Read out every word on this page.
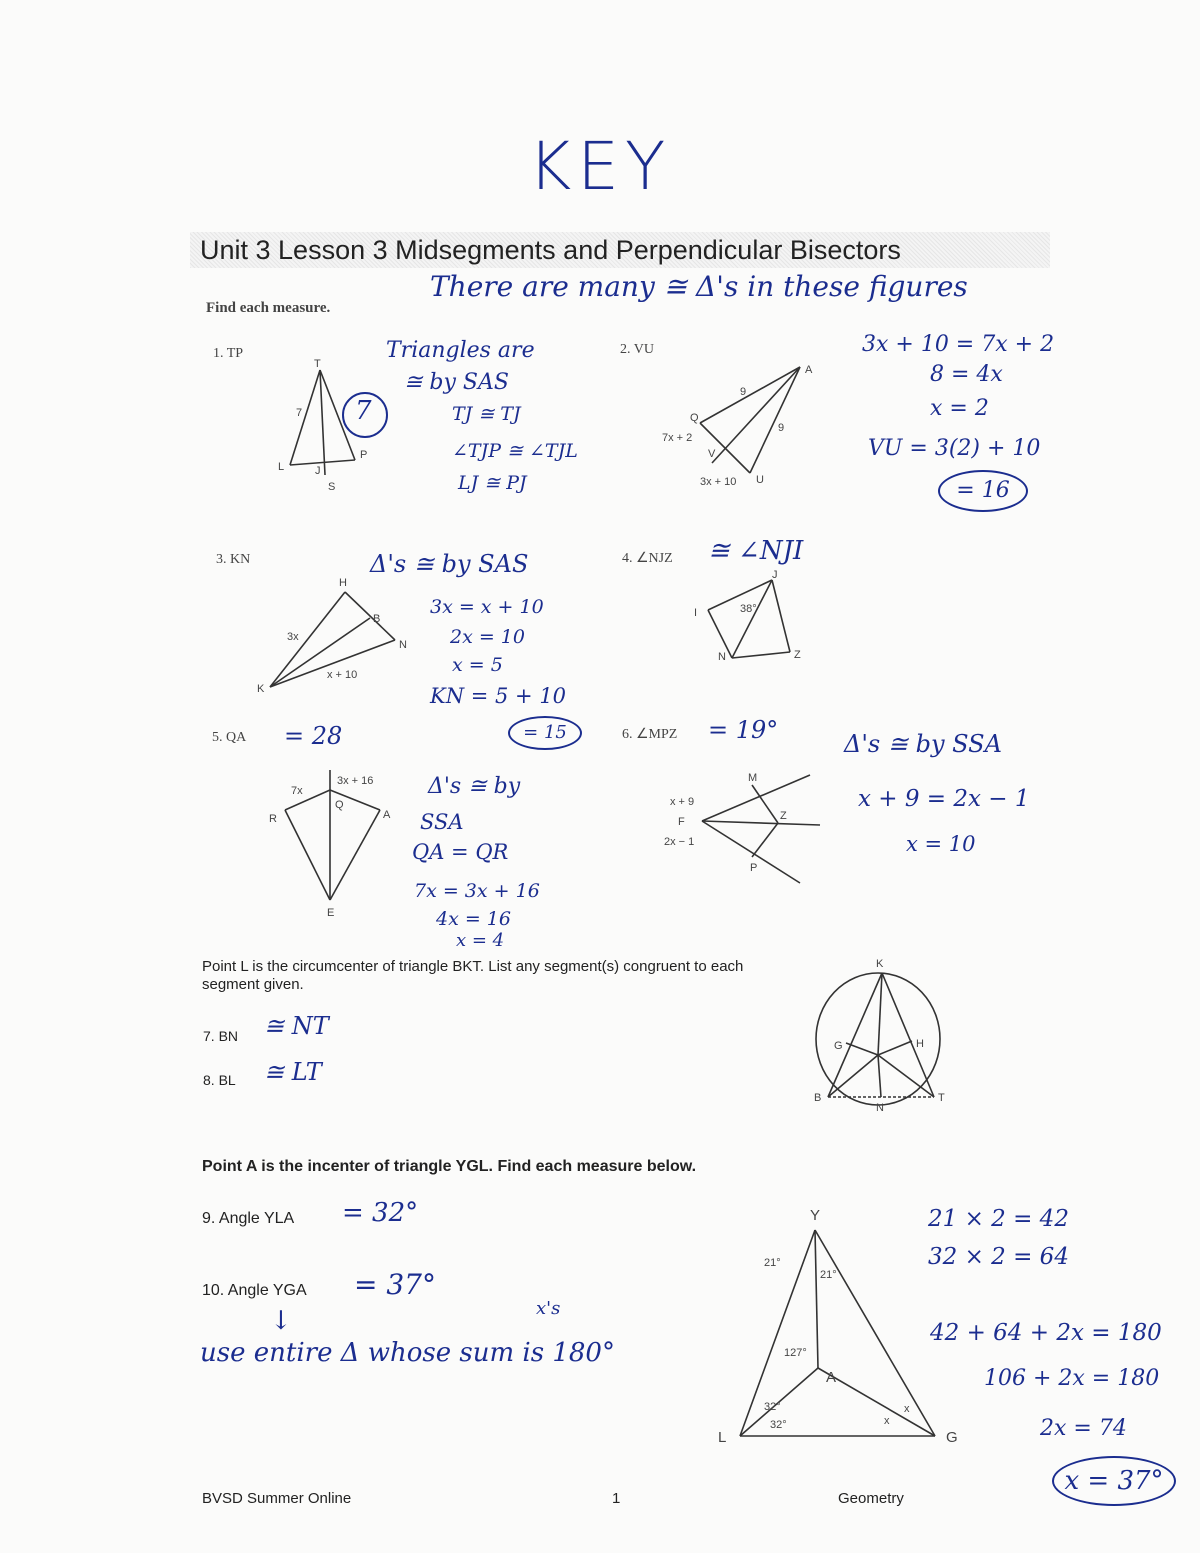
KEY
Unit 3 Lesson 3 Midsegments and Perpendicular Bisectors
Find each measure.
There are many ≅ Δ's in these figures
1. TP
T
L	J
P
S
7 7
Triangles are
≅ by SAS
TJ ≅ TJ
∠TJP ≅ ∠TJL
LJ ≅ PJ
2. VU
A
Q
U
V
9
9
7x + 2
3x + 10
3x + 10 = 7x + 2
8 = 4x
x = 2
VU = 3(2) + 10
= 16
3. KN
H
B
N
K
3x
x + 10
Δ's ≅ by SAS
3x = x + 10
2x = 10
x = 5
KN = 5 + 10
= 15
4. ∠NJZ ≅ ∠NJI
J
I
N	Z
38°
5. QA = 28
Q
R	A
E
7x
3x + 16 Δ's ≅ by
SSA
QA = QR
7x = 3x + 16
4x = 16
x = 4
6. ∠MPZ = 19°
M
F	Z
P
x + 9
2x − 1
Δ's ≅ by SSA
x + 9 = 2x − 1
x = 10
Point L is the circumcenter of triangle BKT. List any segment(s) congruent to each segment given.
7. BN ≅ NT
8. BL ≅ LT
K
G	H
B
N
T
Point A is the incenter of triangle YGL. Find each measure below.
9. Angle YLA = 32°
10. Angle YGA = 37°
↓	x's
use entire Δ whose sum is 180°
Y
A
L	G
21°
21°
127°
32°
32°	x
x
21 × 2 = 42
32 × 2 = 64
42 + 64 + 2x = 180
106 + 2x = 180
2x = 74
x = 37°
BVSD Summer Online	1	Geometry
